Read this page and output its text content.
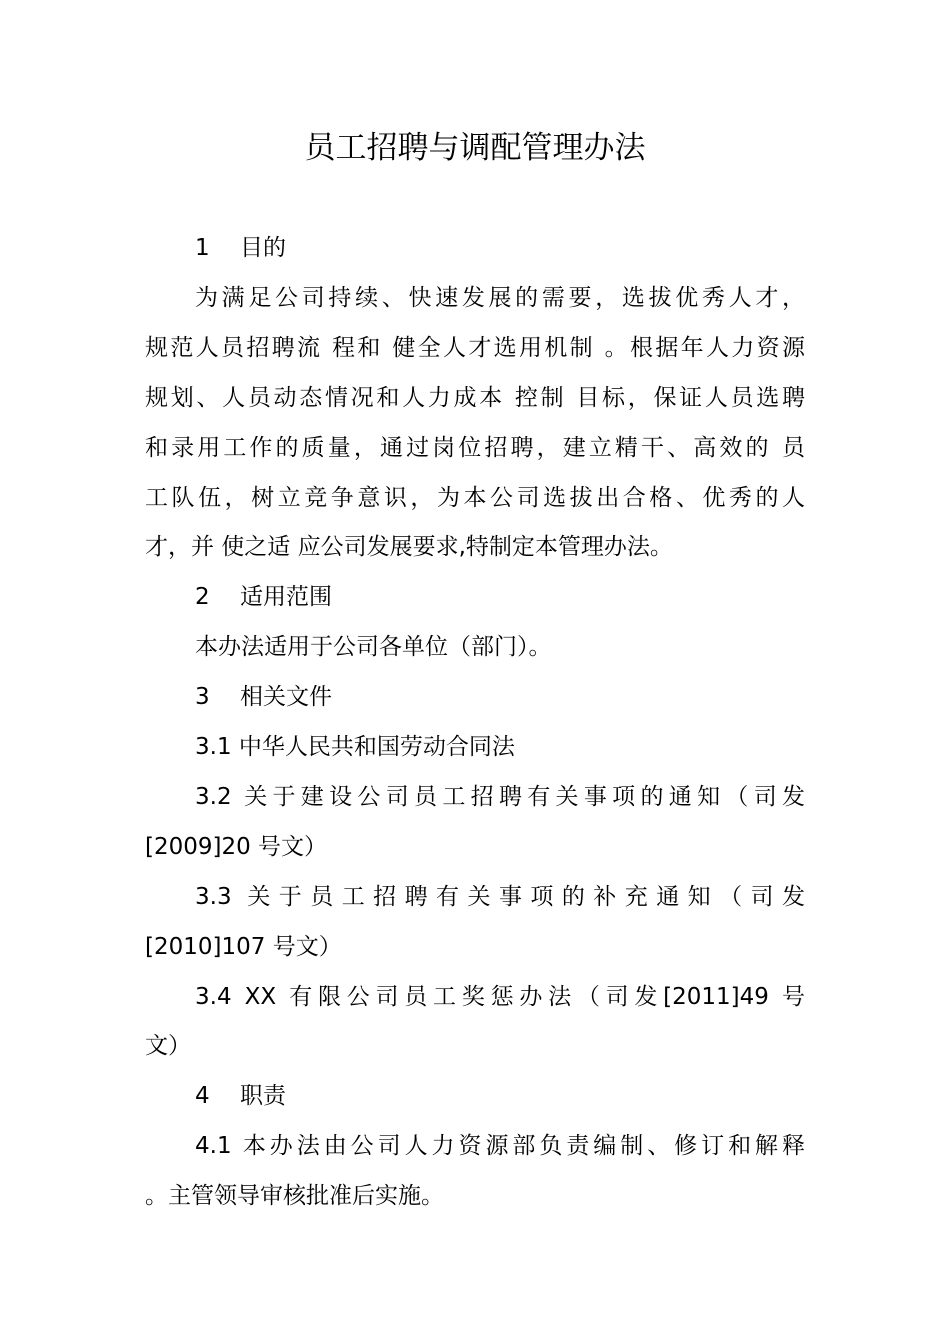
员工招聘与调配管理办法
1　 目的
为满足公司持续、快速发展的需要，选拔优秀人才，
规范人员招聘流 程和 健全人才选用机制 。根据年人力资源
规划、人员动态情况和人力成本 控制 目标，保证人员选聘
和录用工作的质量，通过岗位招聘，建立精干、高效的 员
工队伍，树立竞争意识，为本公司选拔出合格、优秀的人
才，并 使之适 应公司发展要求,特制定本管理办法。
2　 适用范围
本办法适用于公司各单位（部门）。
3　 相关文件
3.1 中华人民共和国劳动合同法
3.2 关于建设公司员工招聘有关事项的通知（司发
[2009]20 号文）
3.3 关于员工招聘有关事项的补充通知（司发
[2010]107 号文）
3.4 XX 有限公司员工奖惩办法（司发[2011]49 号
文）
4　 职责
4.1 本办法由公司人力资源部负责编制、修订和解释
。主管领导审核批准后实施。
